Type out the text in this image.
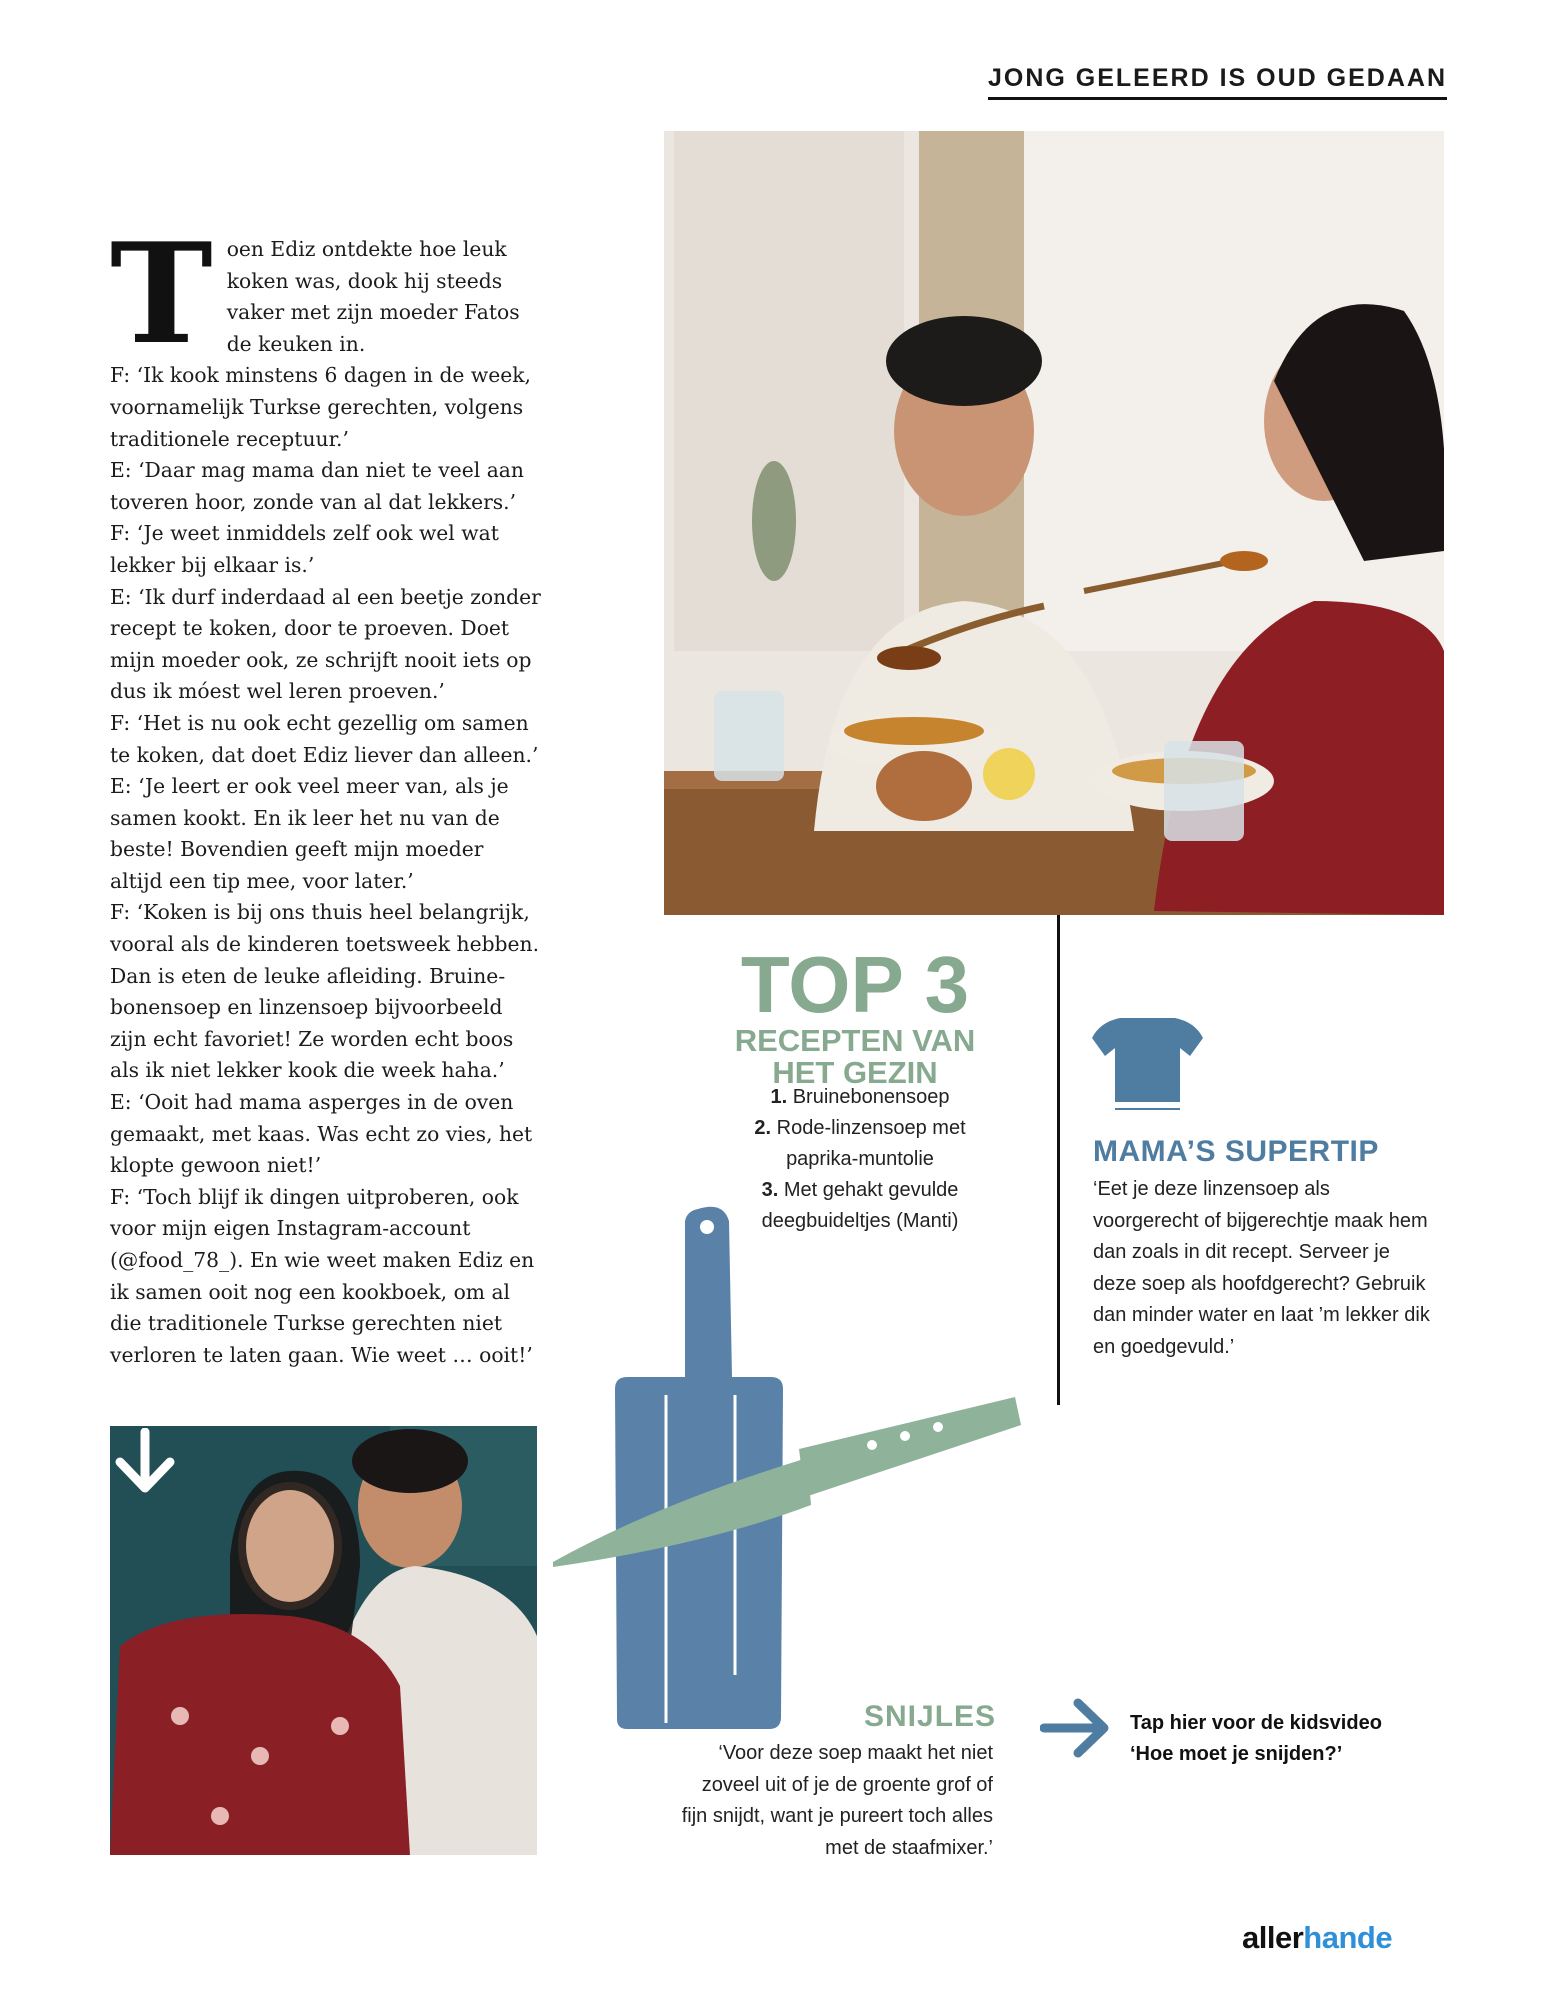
JONG GELEERD IS OUD GEDAAN
T oen Ediz ontdekte hoe leuk koken was, dook hij steeds vaker met zijn moeder Fatos de keuken in.

F: ‘Ik kook minstens 6 dagen in de week, voornamelijk Turkse gerechten, volgens traditionele receptuur.’

E: ‘Daar mag mama dan niet te veel aan toveren hoor, zonde van al dat lekkers.’

F: ‘Je weet inmiddels zelf ook wel wat lekker bij elkaar is.’

E: ‘Ik durf inderdaad al een beetje zonder recept te koken, door te proeven. Doet mijn moeder ook, ze schrijft nooit iets op dus ik móest wel leren proeven.’

F: ‘Het is nu ook echt gezellig om samen te koken, dat doet Ediz liever dan alleen.’

E: ‘Je leert er ook veel meer van, als je samen kookt. En ik leer het nu van de beste! Bovendien geeft mijn moeder altijd een tip mee, voor later.’

F: ‘Koken is bij ons thuis heel belangrijk, vooral als de kinderen toetsweek hebben. Dan is eten de leuke afleiding. Bruine-bonensoep en linzensoep bijvoorbeeld zijn echt favoriet! Ze worden echt boos als ik niet lekker kook die week haha.’

E: ‘Ooit had mama asperges in de oven gemaakt, met kaas. Was echt zo vies, het klopte gewoon niet!’

F: ‘Toch blijf ik dingen uitproberen, ook voor mijn eigen Instagram-account (@food_78_). En wie weet maken Ediz en ik samen ooit nog een kookboek, om al die traditionele Turkse gerechten niet verloren te laten gaan. Wie weet … ooit!’

TOP 3
RECEPTEN VAN
HET GEZIN
1. Bruinebonensoep
2. Rode-linzensoep met
paprika-muntolie
3. Met gehakt gevulde
deegbuideltjes (Manti)
MAMA’S SUPERTIP
‘Eet je deze linzensoep als voorgerecht of bijgerechtje maak hem dan zoals in dit recept. Serveer je deze soep als hoofdgerecht? Gebruik dan minder water en laat ’m lekker dik en goedgevuld.’
SNIJLES
‘Voor deze soep maakt het niet zoveel uit of je de groente grof of fijn snijdt, want je pureert toch alles met de staafmixer.’
Tap hier voor de kidsvideo
‘Hoe moet je snijden?’
allerhande
